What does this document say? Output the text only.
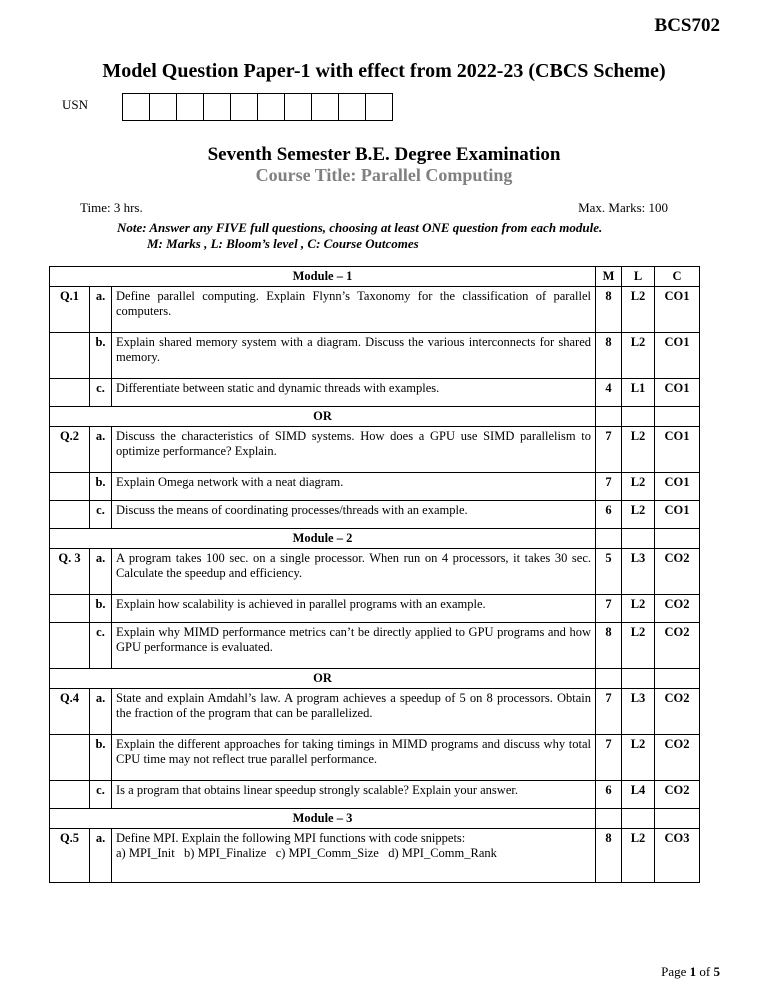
BCS702
Model Question Paper-1 with effect from 2022-23 (CBCS Scheme)
USN
Seventh Semester B.E. Degree Examination
Course Title: Parallel Computing
Time: 3 hrs.	Max. Marks: 100
Note: Answer any FIVE full questions, choosing at least ONE question from each module.
M: Marks , L: Bloom’s level , C: Course Outcomes
Module – 1			M	L	C
Q.1	a.	Define parallel computing. Explain Flynn’s Taxonomy for the classification of parallel computers.	8	L2	CO1
	b.	Explain shared memory system with a diagram. Discuss the various interconnects for shared memory.	8	L2	CO1
	c.	Differentiate between static and dynamic threads with examples.	4	L1	CO1
OR					
Q.2	a.	Discuss the characteristics of SIMD systems. How does a GPU use SIMD parallelism to optimize performance? Explain.	7	L2	CO1
	b.	Explain Omega network with a neat diagram.	7	L2	CO1
	c.	Discuss the means of coordinating processes/threads with an example.	6	L2	CO1
Module – 2					
Q. 3	a.	A program takes 100 sec. on a single processor. When run on 4 processors, it takes 30 sec. Calculate the speedup and efficiency.	5	L3	CO2
	b.	Explain how scalability is achieved in parallel programs with an example.	7	L2	CO2
	c.	Explain why MIMD performance metrics can’t be directly applied to GPU programs and how GPU performance is evaluated.	8	L2	CO2
OR					
Q.4	a.	State and explain Amdahl’s law. A program achieves a speedup of 5 on 8 processors. Obtain the fraction of the program that can be parallelized.	7	L3	CO2
	b.	Explain the different approaches for taking timings in MIMD programs and discuss why total CPU time may not reflect true parallel performance.	7	L2	CO2
	c.	Is a program that obtains linear speedup strongly scalable? Explain your answer.	6	L4	CO2
Module – 3					
Q.5	a.	Define MPI. Explain the following MPI functions with code snippets:
a) MPI_Init   b) MPI_Finalize   c) MPI_Comm_Size   d) MPI_Comm_Rank	8	L2	CO3
Page 1 of 5
